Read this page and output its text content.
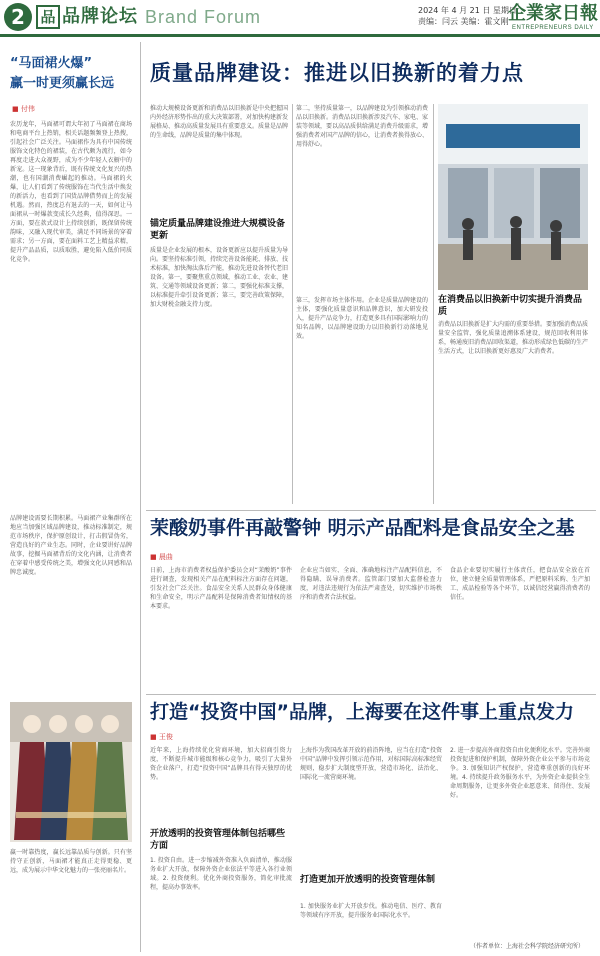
2	品 品牌论坛 Brand Forum	2024 年 4 月 21 日 星期日
责编：闫云 美编：霍文刚 企業家日報
ENTREPRENEURS DAILY
“马面裙火爆”
赢一时更须赢长远
■ 付伟
农历龙年，马面裙可谓大年初了马面裙在商场和电商平台上热销，相关话题频频登上热搜，引起社会广泛关注。马面裙作为具有中国传统服饰文化特色的裙装，在古代颇为流行，如今再度走进大众视野，成为不少年轻人衣橱中的新宠。这一现象背后，既有传统文化复兴的热潮，也有国潮消费崛起的推动。马面裙的火爆，让人们看到了传统服饰在当代生活中焕发的新活力，也看到了国货品牌借势而上的发展机遇。然而，热度总有退去的一天，如何让马面裙从一时爆款变成长久经典，值得深思。一方面，要在款式设计上持续创新，既保留传统韵味，又融入现代审美，满足不同场景的穿着需求；另一方面，要在面料工艺上精益求精，提升产品品质，以质取胜，避免陷入低价同质化竞争。
品牌建设需要长期积累。马面裙产业集群所在地应当加强区域品牌建设，推动标准制定，规范市场秩序，保护原创设计，打击假冒伪劣，营造良好的产业生态。同时，企业要讲好品牌故事，挖掘马面裙背后的文化内涵，让消费者在穿着中感受传统之美，增强文化认同感和品牌忠诚度。
赢一时靠热度，赢长远靠品质与创新。只有坚持守正创新，马面裙才能真正走得更稳、更远，成为展示中华文化魅力的一张亮丽名片。
质量品牌建设：推进以旧换新的着力点
推动大规模设备更新和消费品以旧换新是中央把握国内外经济形势作出的重大决策部署，对加快构建新发展格局、推动高质量发展具有重要意义。质量是品牌的生命线，品牌是质量的集中体现。
锚定质量品牌建设推进大规模设备更新
质量是企业发展的根本，设备更新应以提升质量为导向。要坚持标准引领，持续完善设备能耗、排放、技术标准，加快淘汰落后产能，推动先进设备替代老旧设备。第一，要聚焦重点领域，推动工业、农业、建筑、交通等领域设备更新；第二，要强化标准支撑，以标准提升牵引设备更新；第三，要完善政策保障，加大财税金融支持力度。
第二，坚持质量第一，以品牌建设为引领推动消费品以旧换新。消费品以旧换新涉及汽车、家电、家装等领域，要以高品质供给满足消费升级需求，增强消费者对国产品牌的信心，让消费者换得放心、用得舒心。
第三，发挥市场主体作用。企业是质量品牌建设的主体，要强化质量意识和品牌意识，加大研发投入，提升产品竞争力，打造更多具有国际影响力的知名品牌，以品牌建设助力以旧换新行动落地见效。
在消费品以旧换新中切实提升消费品质
消费品以旧换新是扩大内需的重要举措。要加强消费品质量安全监管，强化质量追溯体系建设，规范回收利用体系，畅通废旧消费品回收渠道，推动形成绿色低碳的生产生活方式，让以旧换新更好惠及广大消费者。
茉酸奶事件再敲警钟 明示产品配料是食品安全之基
■ 晨曲
日前，上海市消费者权益保护委员会对“茉酸奶”事件进行调查，发现相关产品在配料标注方面存在问题，引发社会广泛关注。食品安全关系人民群众身体健康和生命安全，明示产品配料是保障消费者知情权的基本要求。
企业应当如实、全面、准确地标注产品配料信息，不得隐瞒、误导消费者。监管部门要加大监督检查力度，对违法违规行为依法严肃查处，切实维护市场秩序和消费者合法权益。
食品企业要切实履行主体责任，把食品安全放在首位，建立健全质量管理体系，严把原料采购、生产加工、成品检验等各个环节，以诚信经营赢得消费者的信任。
打造“投资中国”品牌，上海要在这件事上重点发力
■ 王俊
近年来，上海持续优化营商环境，加大招商引资力度，不断提升城市能级和核心竞争力，吸引了大量外资企业落户，打造“投资中国”品牌具有得天独厚的优势。
开放透明的投资管理体制包括哪些方面
1. 投资自由。进一步缩减外资准入负面清单，推动服务业扩大开放，保障外资企业依法平等进入各行业领域。2. 投资便利。优化外商投资服务，简化审批流程，提高办事效率。
上海作为我国改革开放的前沿阵地，应当在打造“投资中国”品牌中发挥引领示范作用，对标国际高标准经贸规则，稳步扩大制度型开放，营造市场化、法治化、国际化一流营商环境。
打造更加开放透明的投资管理体制
1. 加快服务业扩大开放步伐。推动电信、医疗、教育等领域有序开放，提升服务业国际化水平。
2. 进一步提高外商投资自由化便利化水平。完善外商投资促进和保护机制，保障外资企业公平参与市场竞争。3. 加强知识产权保护，营造尊重创新的良好环境。4. 持续提升政务服务水平，为外资企业提供全生命周期服务，让更多外资企业愿意来、留得住、发展好。
（作者单位：上海社会科学院经济研究所）
